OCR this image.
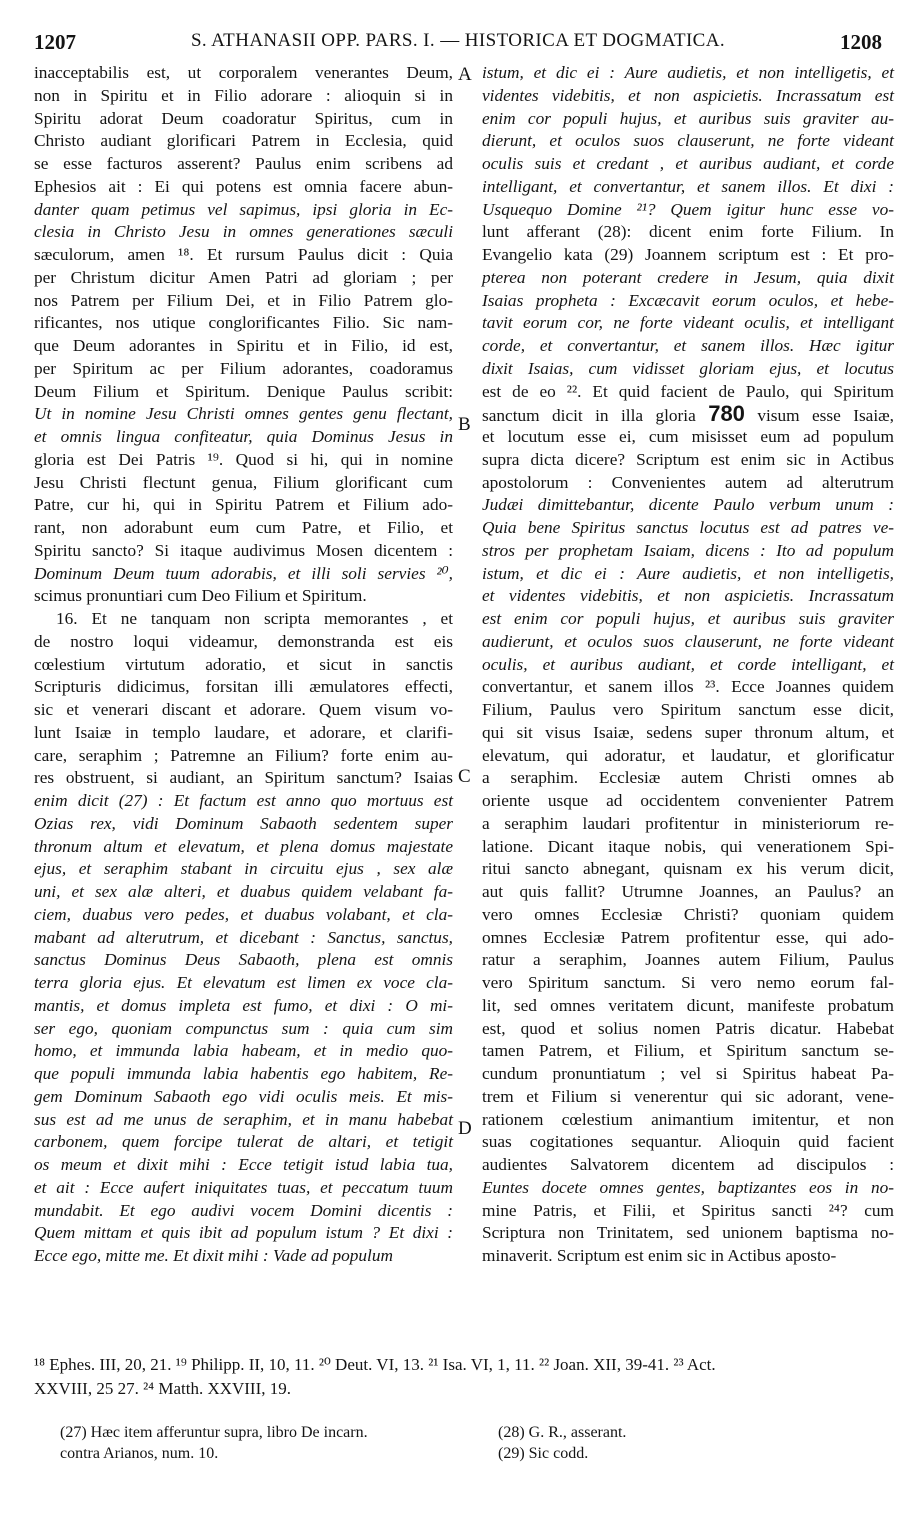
1207	S. ATHANASII OPP. PARS. I. — HISTORICA ET DOGMATICA.	1208
inacceptabilis est, ut corporalem venerantes Deum,
non in Spiritu et in Filio adorare : alioquin si in
Spiritu adorat Deum coadoratur Spiritus, cum in
Christo audiant glorificari Patrem in Ecclesia, quid
se esse facturos asserent? Paulus enim scribens ad
Ephesios ait : Ei qui potens est omnia facere abun-
danter quam petimus vel sapimus, ipsi gloria in Ec-
clesia in Christo Jesu in omnes generationes sæculi
sæculorum, amen ¹⁸. Et rursum Paulus dicit : Quia
per Christum dicitur Amen Patri ad gloriam ; per
nos Patrem per Filium Dei, et in Filio Patrem glo-
rificantes, nos utique conglorificantes Filio. Sic nam-
que Deum adorantes in Spiritu et in Filio, id est,
per Spiritum ac per Filium adorantes, coadoramus
Deum Filium et Spiritum. Denique Paulus scribit:
Ut in nomine Jesu Christi omnes gentes genu flectant,
et omnis lingua confiteatur, quia Dominus Jesus in
gloria est Dei Patris ¹⁹. Quod si hi, qui in nomine
Jesu Christi flectunt genua, Filium glorificant cum
Patre, cur hi, qui in Spiritu Patrem et Filium ado-
rant, non adorabunt eum cum Patre, et Filio, et
Spiritu sancto? Si itaque audivimus Mosen dicentem :
Dominum Deum tuum adorabis, et illi soli servies ²⁰,
scimus pronuntiari cum Deo Filium et Spiritum.
16. Et ne tanquam non scripta memorantes , et
de nostro loqui videamur, demonstranda est eis
cœlestium virtutum adoratio, et sicut in sanctis
Scripturis didicimus, forsitan illi æmulatores effecti,
sic et venerari discant et adorare. Quem visum vo-
lunt Isaiæ in templo laudare, et adorare, et clarifi-
care, seraphim ; Patremne an Filium? forte enim au-
res obstruent, si audiant, an Spiritum sanctum? Isaias
enim dicit (27) : Et factum est anno quo mortuus est
Ozias rex, vidi Dominum Sabaoth sedentem super
thronum altum et elevatum, et plena domus majestate
ejus, et seraphim stabant in circuitu ejus , sex alæ
uni, et sex alæ alteri, et duabus quidem velabant fa-
ciem, duabus vero pedes, et duabus volabant, et cla-
mabant ad alterutrum, et dicebant : Sanctus, sanctus,
sanctus Dominus Deus Sabaoth, plena est omnis
terra gloria ejus. Et elevatum est limen ex voce cla-
mantis, et domus impleta est fumo, et dixi : O mi-
ser ego, quoniam compunctus sum : quia cum sim
homo, et immunda labia habeam, et in medio quo-
que populi immunda labia habentis ego habitem, Re-
gem Dominum Sabaoth ego vidi oculis meis. Et mis-
sus est ad me unus de seraphim, et in manu habebat
carbonem, quem forcipe tulerat de altari, et tetigit
os meum et dixit mihi : Ecce tetigit istud labia tua,
et ait : Ecce aufert iniquitates tuas, et peccatum tuum
mundabit. Et ego audivi vocem Domini dicentis :
Quem mittam et quis ibit ad populum istum ? Et dixi :
Ecce ego, mitte me. Et dixit mihi : Vade ad populum
istum, et dic ei : Aure audietis, et non intelligetis, et
videntes videbitis, et non aspicietis. Incrassatum est
enim cor populi hujus, et auribus suis graviter au-
dierunt, et oculos suos clauserunt, ne forte videant
oculis suis et credant , et auribus audiant, et corde
intelligant, et convertantur, et sanem illos. Et dixi :
Usquequo Domine ²¹? Quem igitur hunc esse vo-
lunt afferant (28): dicent enim forte Filium. In
Evangelio kata (29) Joannem scriptum est : Et pro-
pterea non poterant credere in Jesum, quia dixit
Isaias propheta : Excæcavit eorum oculos, et hebe-
tavit eorum cor, ne forte videant oculis, et intelligant
corde, et convertantur, et sanem illos. Hæc igitur
dixit Isaias, cum vidisset gloriam ejus, et locutus
est de eo ²². Et quid facient de Paulo, qui Spiritum
sanctum dicit in illa gloria 780 visum esse Isaiæ,
et locutum esse ei, cum misisset eum ad populum
supra dicta dicere? Scriptum est enim sic in Actibus
apostolorum : Convenientes autem ad alterutrum
Judæi dimittebantur, dicente Paulo verbum unum :
Quia bene Spiritus sanctus locutus est ad patres ve-
stros per prophetam Isaiam, dicens : Ito ad populum
istum, et dic ei : Aure audietis, et non intelligetis,
et videntes videbitis, et non aspicietis. Incrassatum
est enim cor populi hujus, et auribus suis graviter
audierunt, et oculos suos clauserunt, ne forte videant
oculis, et auribus audiant, et corde intelligant, et
convertantur, et sanem illos ²³. Ecce Joannes quidem
Filium, Paulus vero Spiritum sanctum esse dicit,
qui sit visus Isaiæ, sedens super thronum altum, et
elevatum, qui adoratur, et laudatur, et glorificatur
a seraphim. Ecclesiæ autem Christi omnes ab
oriente usque ad occidentem convenienter Patrem
a seraphim laudari profitentur in ministeriorum re-
latione. Dicant itaque nobis, qui venerationem Spi-
ritui sancto abnegant, quisnam ex his verum dicit,
aut quis fallit? Utrumne Joannes, an Paulus? an
vero omnes Ecclesiæ Christi? quoniam quidem
omnes Ecclesiæ Patrem profitentur esse, qui ado-
ratur a seraphim, Joannes autem Filium, Paulus
vero Spiritum sanctum. Si vero nemo eorum fal-
lit, sed omnes veritatem dicunt, manifeste probatum
est, quod et solius nomen Patris dicatur. Habebat
tamen Patrem, et Filium, et Spiritum sanctum se-
cundum pronuntiatum ; vel si Spiritus habeat Pa-
trem et Filium si venerentur qui sic adorant, vene-
rationem cœlestium animantium imitentur, et non
suas cogitationes sequantur. Alioquin quid facient
audientes Salvatorem dicentem ad discipulos :
Euntes docete omnes gentes, baptizantes eos in no-
mine Patris, et Filii, et Spiritus sancti ²⁴? cum
Scriptura non Trinitatem, sed unionem baptisma no-
minaverit. Scriptum est enim sic in Actibus aposto-
A
B
C
D
¹⁸ Ephes. III, 20, 21. ¹⁹ Philipp. II, 10, 11. ²⁰ Deut. VI, 13. ²¹ Isa. VI, 1, 11. ²² Joan. XII, 39-41. ²³ Act.
XXVIII, 25 27. ²⁴ Matth. XXVIII, 19.
(27) Hæc item afferuntur supra, libro De incarn.
contra Arianos, num. 10.
(28) G. R., asserant.
(29) Sic codd.
